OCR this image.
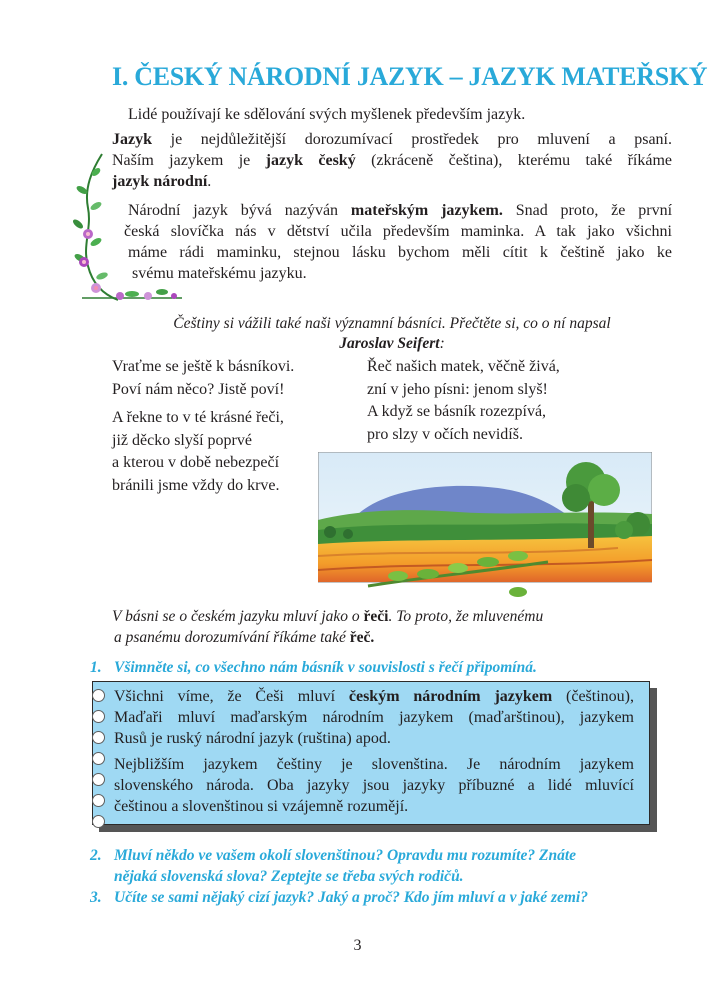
I. ČESKÝ NÁRODNÍ JAZYK – JAZYK MATEŘSKÝ
Lidé používají ke sdělování svých myšlenek především jazyk.
Jazyk je nejdůležitější dorozumívací prostředek pro mluvení a psaní.
Naším jazykem je jazyk český (zkráceně čeština), kterému také říkáme
jazyk národní.
Národní jazyk bývá nazýván mateřským jazykem. Snad proto, že první
česká slovíčka nás v dětství učila především maminka. A tak jako všichni
máme rádi maminku, stejnou lásku bychom měli cítit k češtině jako ke
svému mateřskému jazyku.
Češtiny si vážili také naši významní básníci. Přečtěte si, co o ní napsal
Jaroslav Seifert:
Vraťme se ještě k básníkovi.
Poví nám něco? Jistě poví!
A řekne to v té krásné řeči,
již děcko slyší poprvé
a kterou v době nebezpečí
bránili jsme vždy do krve.
Řeč našich matek, věčně živá,
zní v jeho písni: jenom slyš!
A když se básník rozezpívá,
pro slzy v očích nevidíš.
V básni se o českém jazyku mluví jako o řeči. To proto, že mluvenému
a psanému dorozumívání říkáme také řeč.
1. Všimněte si, co všechno nám básník v souvislosti s řečí připomíná.
Všichni víme, že Češi mluví českým národním jazykem (češtinou),
Maďaři mluví maďarským národním jazykem (maďarštinou), jazykem
Rusů je ruský národní jazyk (ruština) apod.
Nejbližším jazykem češtiny je slovenština. Je národním jazykem
slovenského národa. Oba jazyky jsou jazyky příbuzné a lidé mluvící
češtinou a slovenštinou si vzájemně rozumějí.
2. Mluví někdo ve vašem okolí slovenštinou? Opravdu mu rozumíte? Znáte
nějaká slovenská slova? Zeptejte se třeba svých rodičů.
3. Učíte se sami nějaký cizí jazyk? Jaký a proč? Kdo jím mluví a v jaké zemi?
3
